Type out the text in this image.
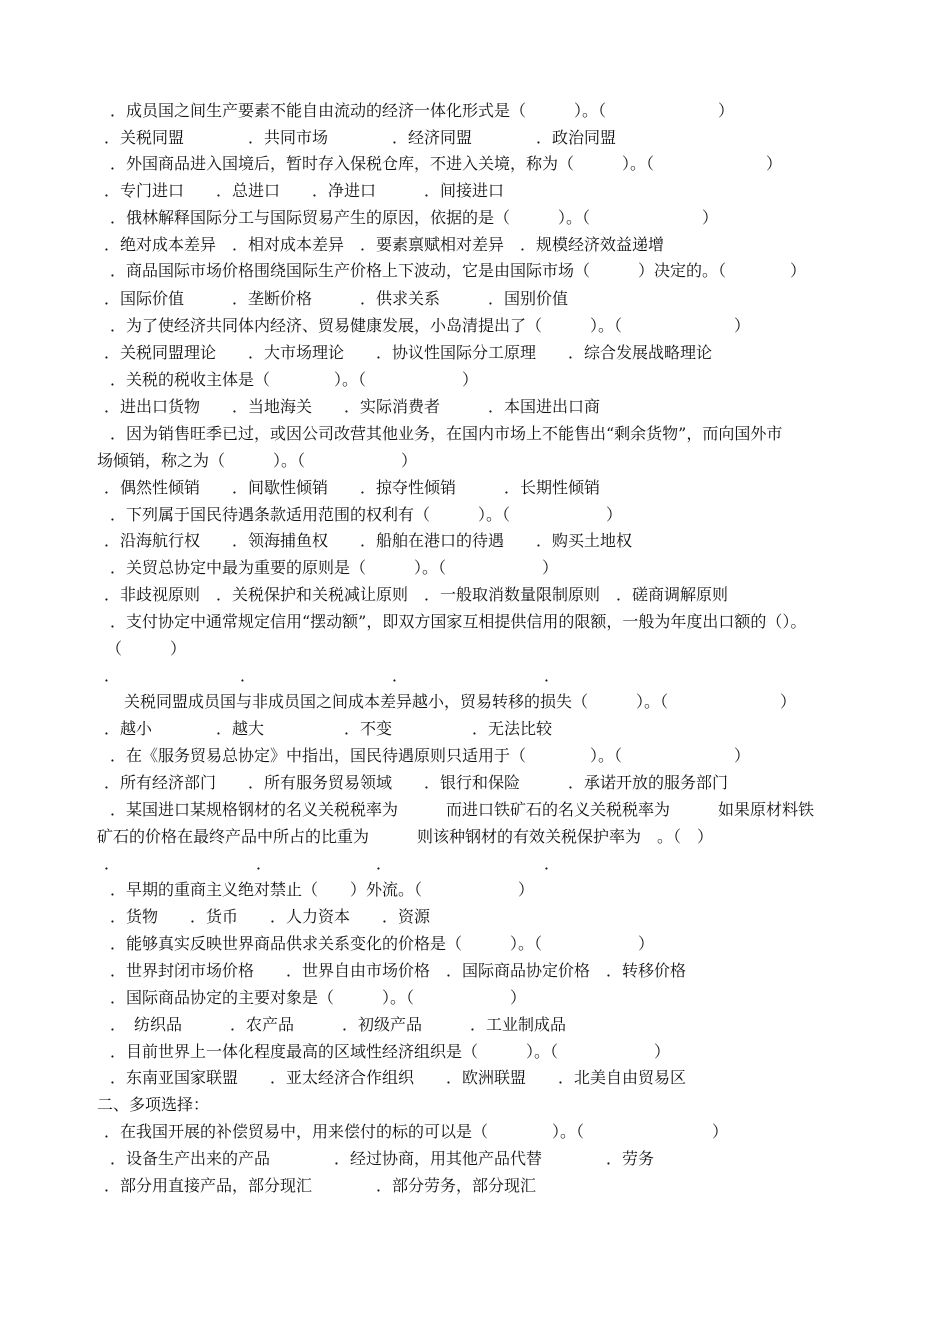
．成员国之间生产要素不能自由流动的经济一体化形式是（　　　）。（　　　　　　　）
．关税同盟　　　　．共同市场　　　　．经济同盟　　　　．政治同盟
．外国商品进入国境后，暂时存入保税仓库，不进入关境，称为（　　　）。（　　　　　　　）
．专门进口　　．总进口　　．净进口　　　．间接进口
．俄林解释国际分工与国际贸易产生的原因，依据的是（　　　）。（　　　　　　　）
．绝对成本差异　．相对成本差异　．要素禀赋相对差异　．规模经济效益递增
．商品国际市场价格围绕国际生产价格上下波动，它是由国际市场（　　　）决定的。（　　　　）
．国际价值　　　．垄断价格　　　．供求关系　　　．国别价值
．为了使经济共同体内经济、贸易健康发展，小岛清提出了（　　　）。（　　　　　　　）
．关税同盟理论　　．大市场理论　　．协议性国际分工原理　　．综合发展战略理论
．关税的税收主体是（　　　　）。（　　　　　　）
．进出口货物　　．当地海关　　．实际消费者　　　．本国进出口商
．因为销售旺季已过，或因公司改营其他业务，在国内市场上不能售出“剩余货物”，而向国外市
场倾销，称之为（　　　）。（　　　　　　）
．偶然性倾销　　．间歇性倾销　　．掠夺性倾销　　　．长期性倾销
．下列属于国民待遇条款适用范围的权利有（　　　）。（　　　　　　）
．沿海航行权　　．领海捕鱼权　　．船舶在港口的待遇　　．购买土地权
．关贸总协定中最为重要的原则是（　　　）。（　　　　　　）
．非歧视原则　．关税保护和关税减让原则　．一般取消数量限制原则　．磋商调解原则
．支付协定中通常规定信用“摆动额”，即双方国家互相提供信用的限额，一般为年度出口额的（）。
（　　　）
．　　　　　　　　．　　　　　　　　　．　　　　　　　　　．
关税同盟成员国与非成员国之间成本差异越小，贸易转移的损失（　　　）。（　　　　　　　）
．越小　　　　．越大　　　　　．不变　　　　　．无法比较
．在《服务贸易总协定》中指出，国民待遇原则只适用于（　　　　）。（　　　　　　　）
．所有经济部门　　．所有服务贸易领域　　．银行和保险　　　．承诺开放的服务部门
．某国进口某规格钢材的名义关税税率为　　　而进口铁矿石的名义关税税率为　　　如果原材料铁
矿石的价格在最终产品中所占的比重为　　　则该种钢材的有效关税保护率为　。（　）
．　　　　　　　　　．　　　　　　　．　　　　　　　　　　．
．早期的重商主义绝对禁止（　　）外流。（　　　　　　）
．货物　　．货币　　．人力资本　　．资源
．能够真实反映世界商品供求关系变化的价格是（　　　）。（　　　　　　）
．世界封闭市场价格　　．世界自由市场价格　．国际商品协定价格　．转移价格
．国际商品协定的主要对象是（　　　）。（　　　　　　）
．　纺织品　　　．农产品　　　．初级产品　　　．工业制成品
．目前世界上一体化程度最高的区域性经济组织是（　　　）。（　　　　　　）
．东南亚国家联盟　　．亚太经济合作组织　　．欧洲联盟　　．北美自由贸易区
二、多项选择：
．在我国开展的补偿贸易中，用来偿付的标的可以是（　　　　）。（　　　　　　　　）
．设备生产出来的产品　　　　．经过协商，用其他产品代替　　　　．劳务
．部分用直接产品，部分现汇　　　　．部分劳务，部分现汇
